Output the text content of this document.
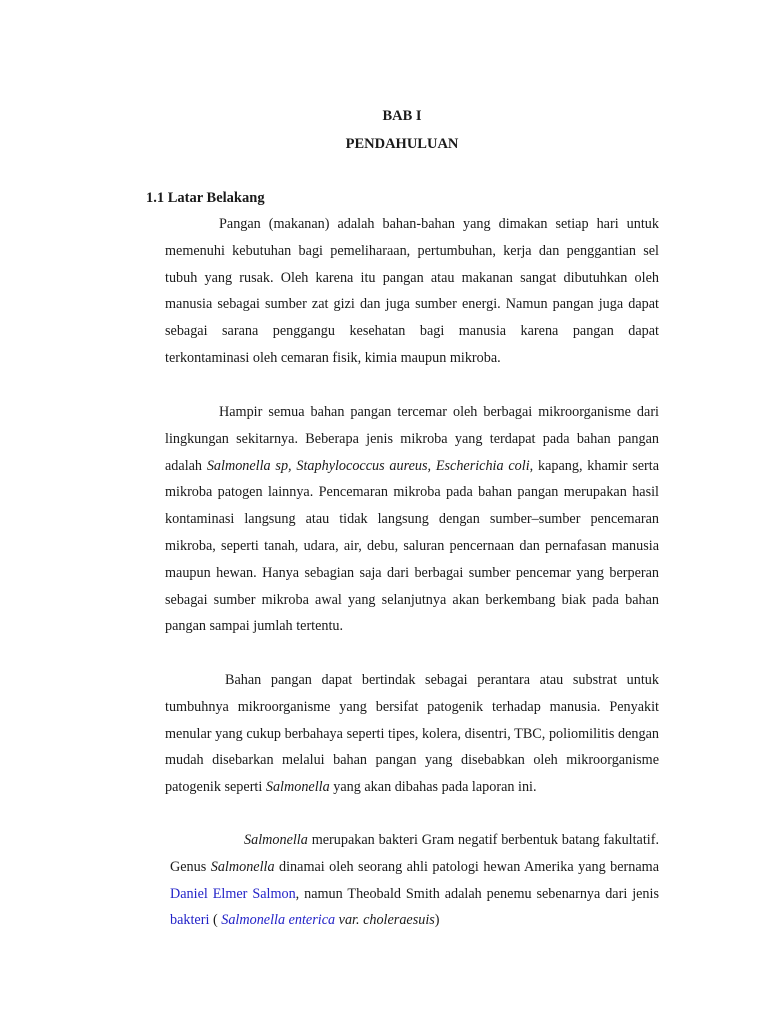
BAB I
PENDAHULUAN
1.1 Latar Belakang

Pangan (makanan) adalah bahan-bahan yang dimakan setiap hari untuk memenuhi kebutuhan bagi pemeliharaan, pertumbuhan, kerja dan penggantian sel tubuh yang rusak. Oleh karena itu pangan atau makanan sangat dibutuhkan oleh manusia sebagai sumber zat gizi dan juga sumber energi. Namun pangan juga dapat sebagai sarana penggangu kesehatan bagi manusia karena pangan dapat terkontaminasi oleh cemaran fisik, kimia maupun mikroba.

Hampir semua bahan pangan tercemar oleh berbagai mikroorganisme dari lingkungan sekitarnya. Beberapa jenis mikroba yang terdapat pada bahan pangan adalah Salmonella sp, Staphylococcus aureus, Escherichia coli, kapang, khamir serta mikroba patogen lainnya. Pencemaran mikroba pada bahan pangan merupakan hasil kontaminasi langsung atau tidak langsung dengan sumber–sumber pencemaran mikroba, seperti tanah, udara, air, debu, saluran pencernaan dan pernafasan manusia maupun hewan. Hanya sebagian saja dari berbagai sumber pencemar yang berperan sebagai sumber mikroba awal yang selanjutnya akan berkembang biak pada bahan pangan sampai jumlah tertentu.

Bahan pangan dapat bertindak sebagai perantara atau substrat untuk tumbuhnya mikroorganisme yang bersifat patogenik terhadap manusia. Penyakit menular yang cukup berbahaya seperti tipes, kolera, disentri, TBC, poliomilitis dengan mudah disebarkan melalui bahan pangan yang disebabkan oleh mikroorganisme patogenik seperti Salmonella yang akan dibahas pada laporan ini.

Salmonella merupakan bakteri Gram negatif berbentuk batang fakultatif. Genus Salmonella dinamai oleh seorang ahli patologi hewan Amerika yang bernama Daniel Elmer Salmon, namun Theobald Smith adalah penemu sebenarnya dari jenis bakteri ( Salmonella enterica var. choleraesuis)
